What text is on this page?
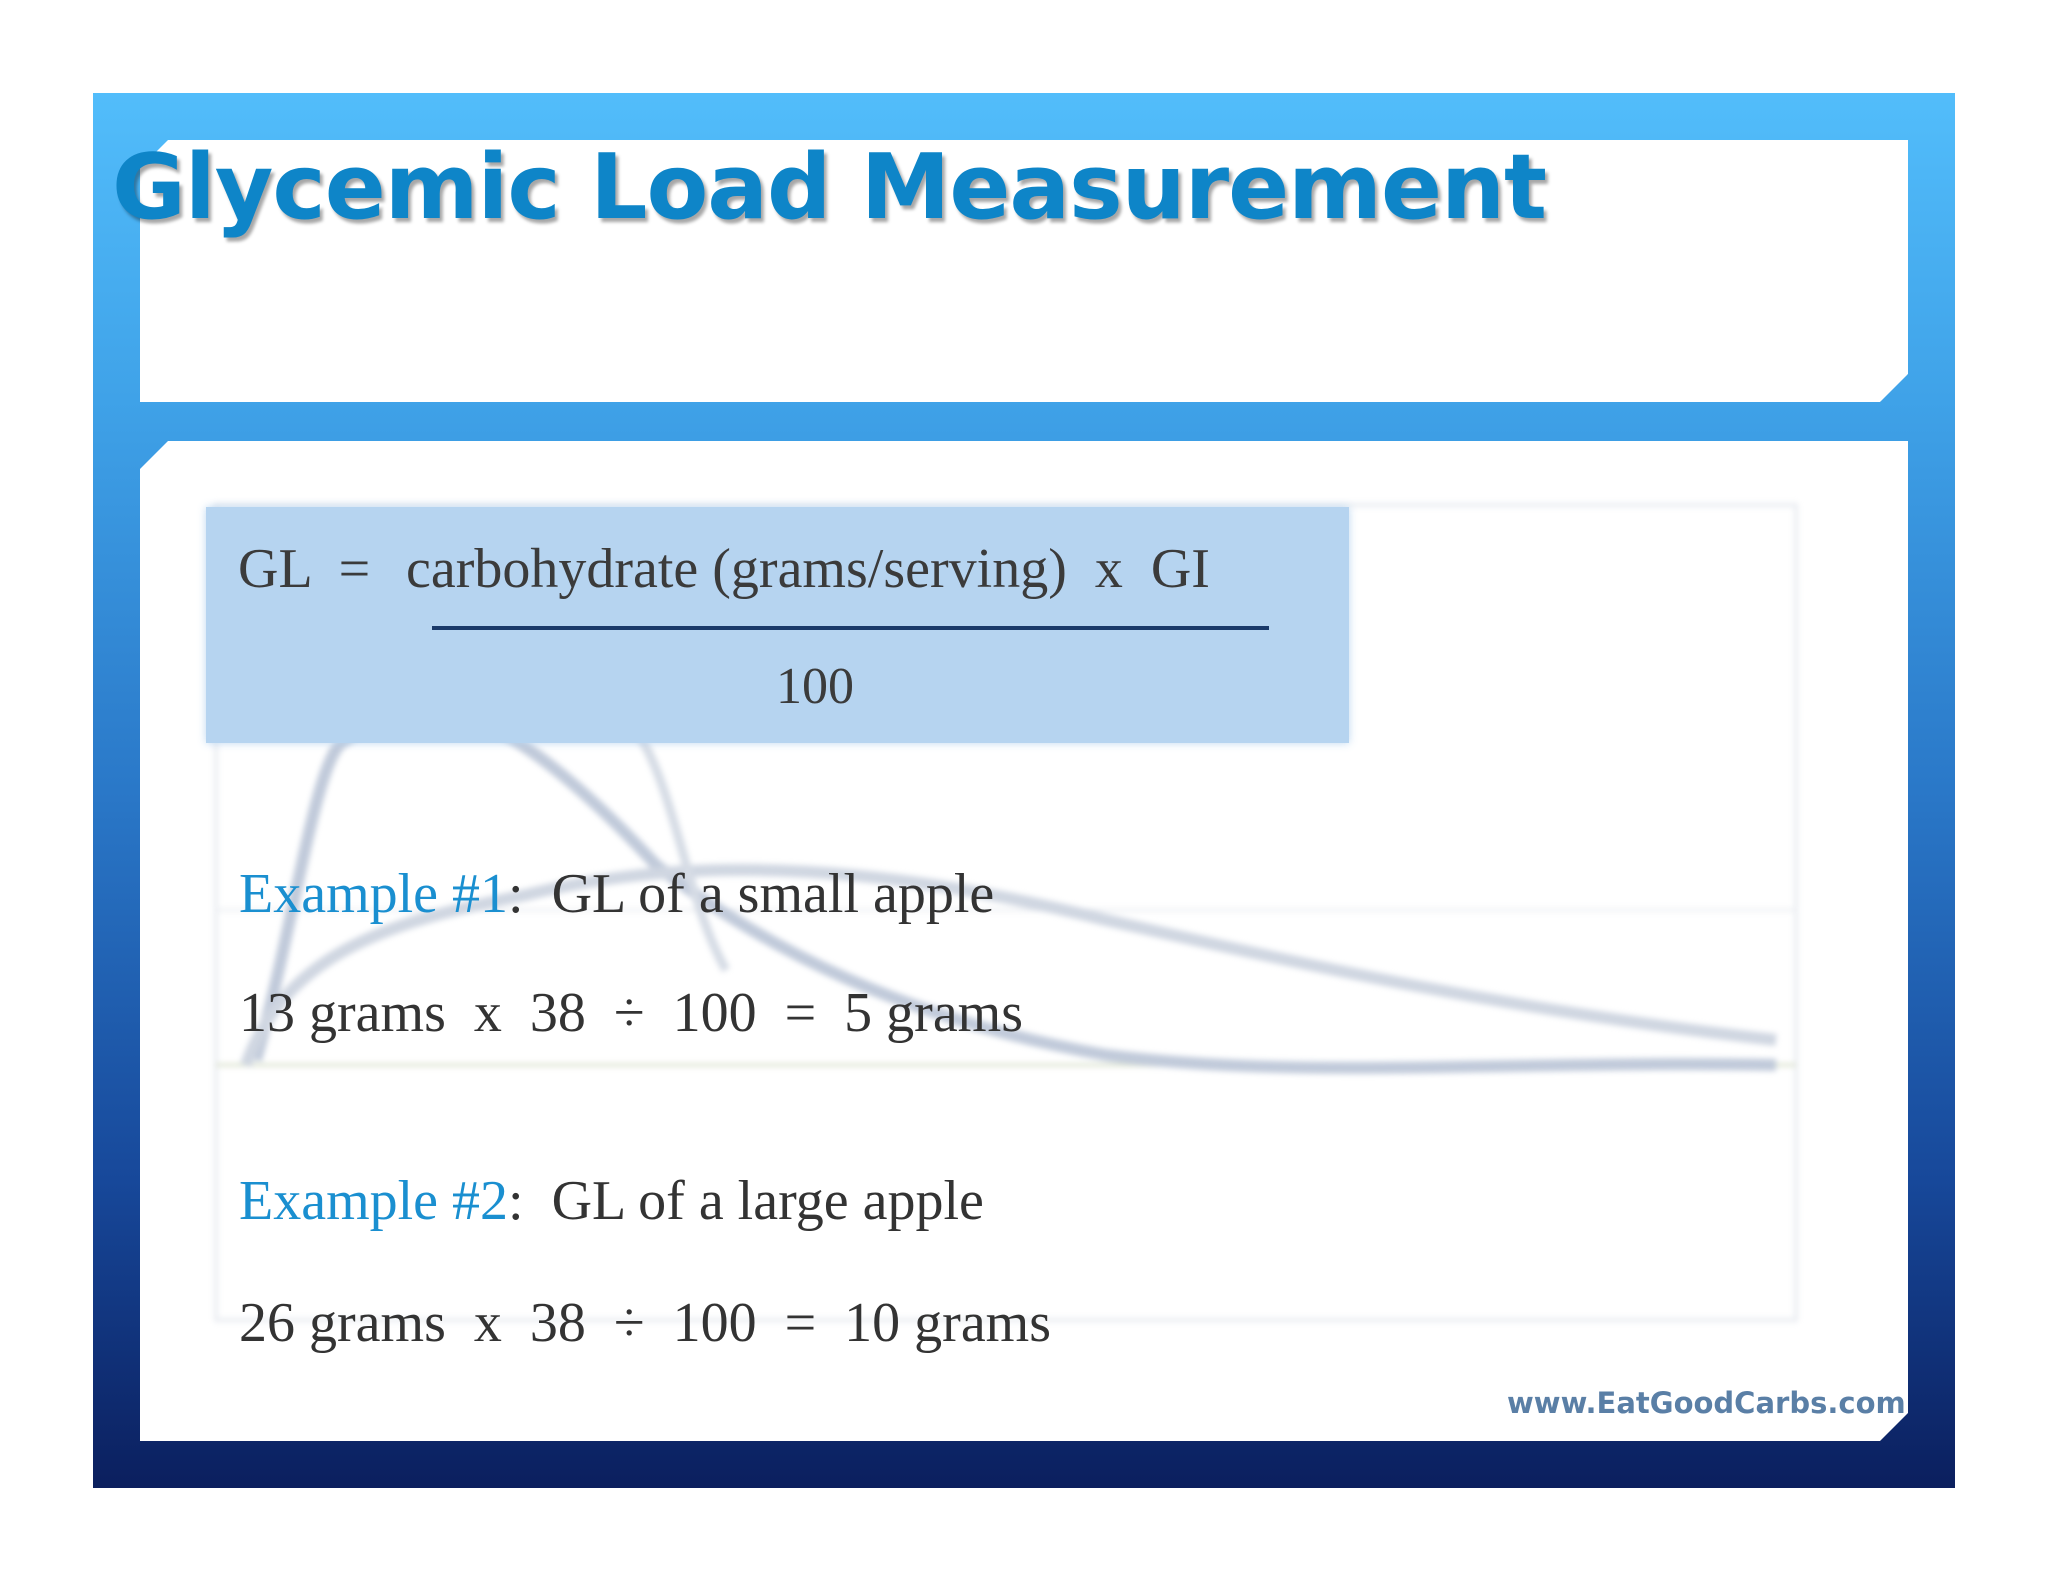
Glycemic Load Measurement
GL  = carbohydrate (grams/serving)  x  GI
100
Example #1:  GL of a small apple
13 grams  x  38  ÷  100  =  5 grams
Example #2:  GL of a large apple
26 grams  x  38  ÷  100  =  10 grams
www.EatGoodCarbs.com
